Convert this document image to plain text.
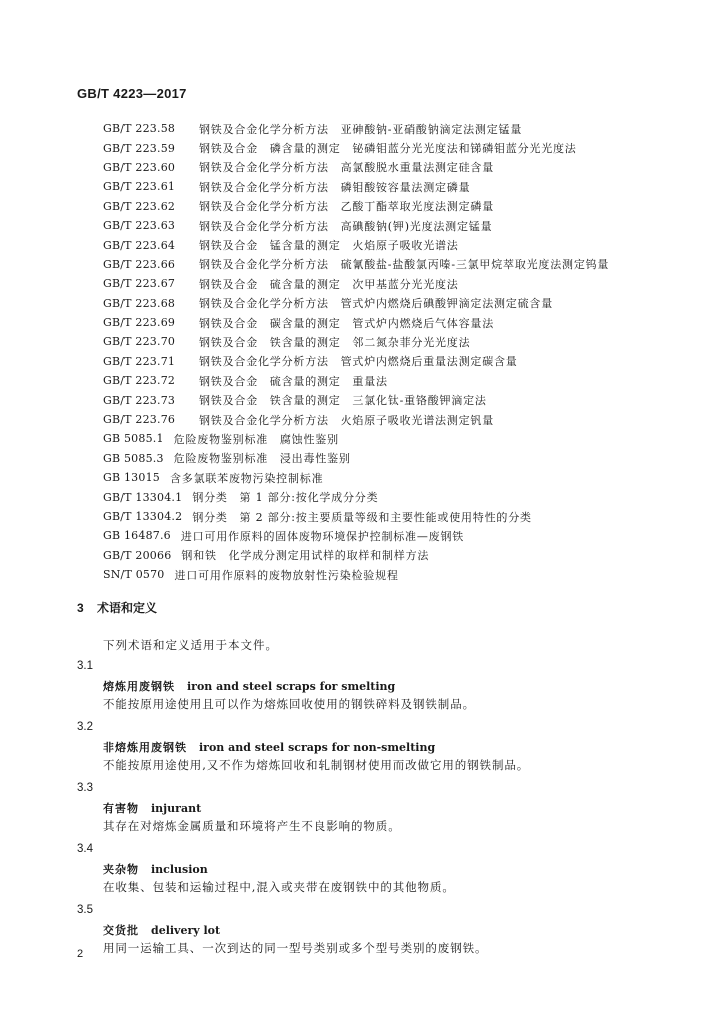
GB/T 4223—2017
GB/T 223.58	钢铁及合金化学分析方法　亚砷酸钠-亚硝酸钠滴定法测定锰量
GB/T 223.59	钢铁及合金　磷含量的测定　铋磷钼蓝分光光度法和锑磷钼蓝分光光度法
GB/T 223.60	钢铁及合金化学分析方法　高氯酸脱水重量法测定硅含量
GB/T 223.61	钢铁及合金化学分析方法　磷钼酸铵容量法测定磷量
GB/T 223.62	钢铁及合金化学分析方法　乙酸丁酯萃取光度法测定磷量
GB/T 223.63	钢铁及合金化学分析方法　高碘酸钠(钾)光度法测定锰量
GB/T 223.64	钢铁及合金　锰含量的测定　火焰原子吸收光谱法
GB/T 223.66	钢铁及合金化学分析方法　硫氰酸盐-盐酸氯丙嗪-三氯甲烷萃取光度法测定钨量
GB/T 223.67	钢铁及合金　硫含量的测定　次甲基蓝分光光度法
GB/T 223.68	钢铁及合金化学分析方法　管式炉内燃烧后碘酸钾滴定法测定硫含量
GB/T 223.69	钢铁及合金　碳含量的测定　管式炉内燃烧后气体容量法
GB/T 223.70	钢铁及合金　铁含量的测定　邻二氮杂菲分光光度法
GB/T 223.71	钢铁及合金化学分析方法　管式炉内燃烧后重量法测定碳含量
GB/T 223.72	钢铁及合金　硫含量的测定　重量法
GB/T 223.73	钢铁及合金　铁含量的测定　三氯化钛-重铬酸钾滴定法
GB/T 223.76	钢铁及合金化学分析方法　火焰原子吸收光谱法测定钒量
GB 5085.1 危险废物鉴别标准　腐蚀性鉴别
GB 5085.3 危险废物鉴别标准　浸出毒性鉴别
GB 13015 含多氯联苯废物污染控制标准
GB/T 13304.1 钢分类　第 1 部分:按化学成分分类
GB/T 13304.2 钢分类　第 2 部分:按主要质量等级和主要性能或使用特性的分类
GB 16487.6 进口可用作原料的固体废物环境保护控制标准—废钢铁
GB/T 20066 钢和铁　化学成分测定用试样的取样和制样方法
SN/T 0570 进口可用作原料的废物放射性污染检验规程
3 术语和定义
下列术语和定义适用于本文件。
3.1
熔炼用废钢铁 iron and steel scraps for smelting
不能按原用途使用且可以作为熔炼回收使用的钢铁碎料及钢铁制品。
3.2
非熔炼用废钢铁 iron and steel scraps for non-smelting
不能按原用途使用,又不作为熔炼回收和轧制钢材使用而改做它用的钢铁制品。
3.3
有害物 injurant
其存在对熔炼金属质量和环境将产生不良影响的物质。
3.4
夹杂物 inclusion
在收集、包装和运输过程中,混入或夹带在废钢铁中的其他物质。
3.5
交货批 delivery lot
用同一运输工具、一次到达的同一型号类别或多个型号类别的废钢铁。
2
